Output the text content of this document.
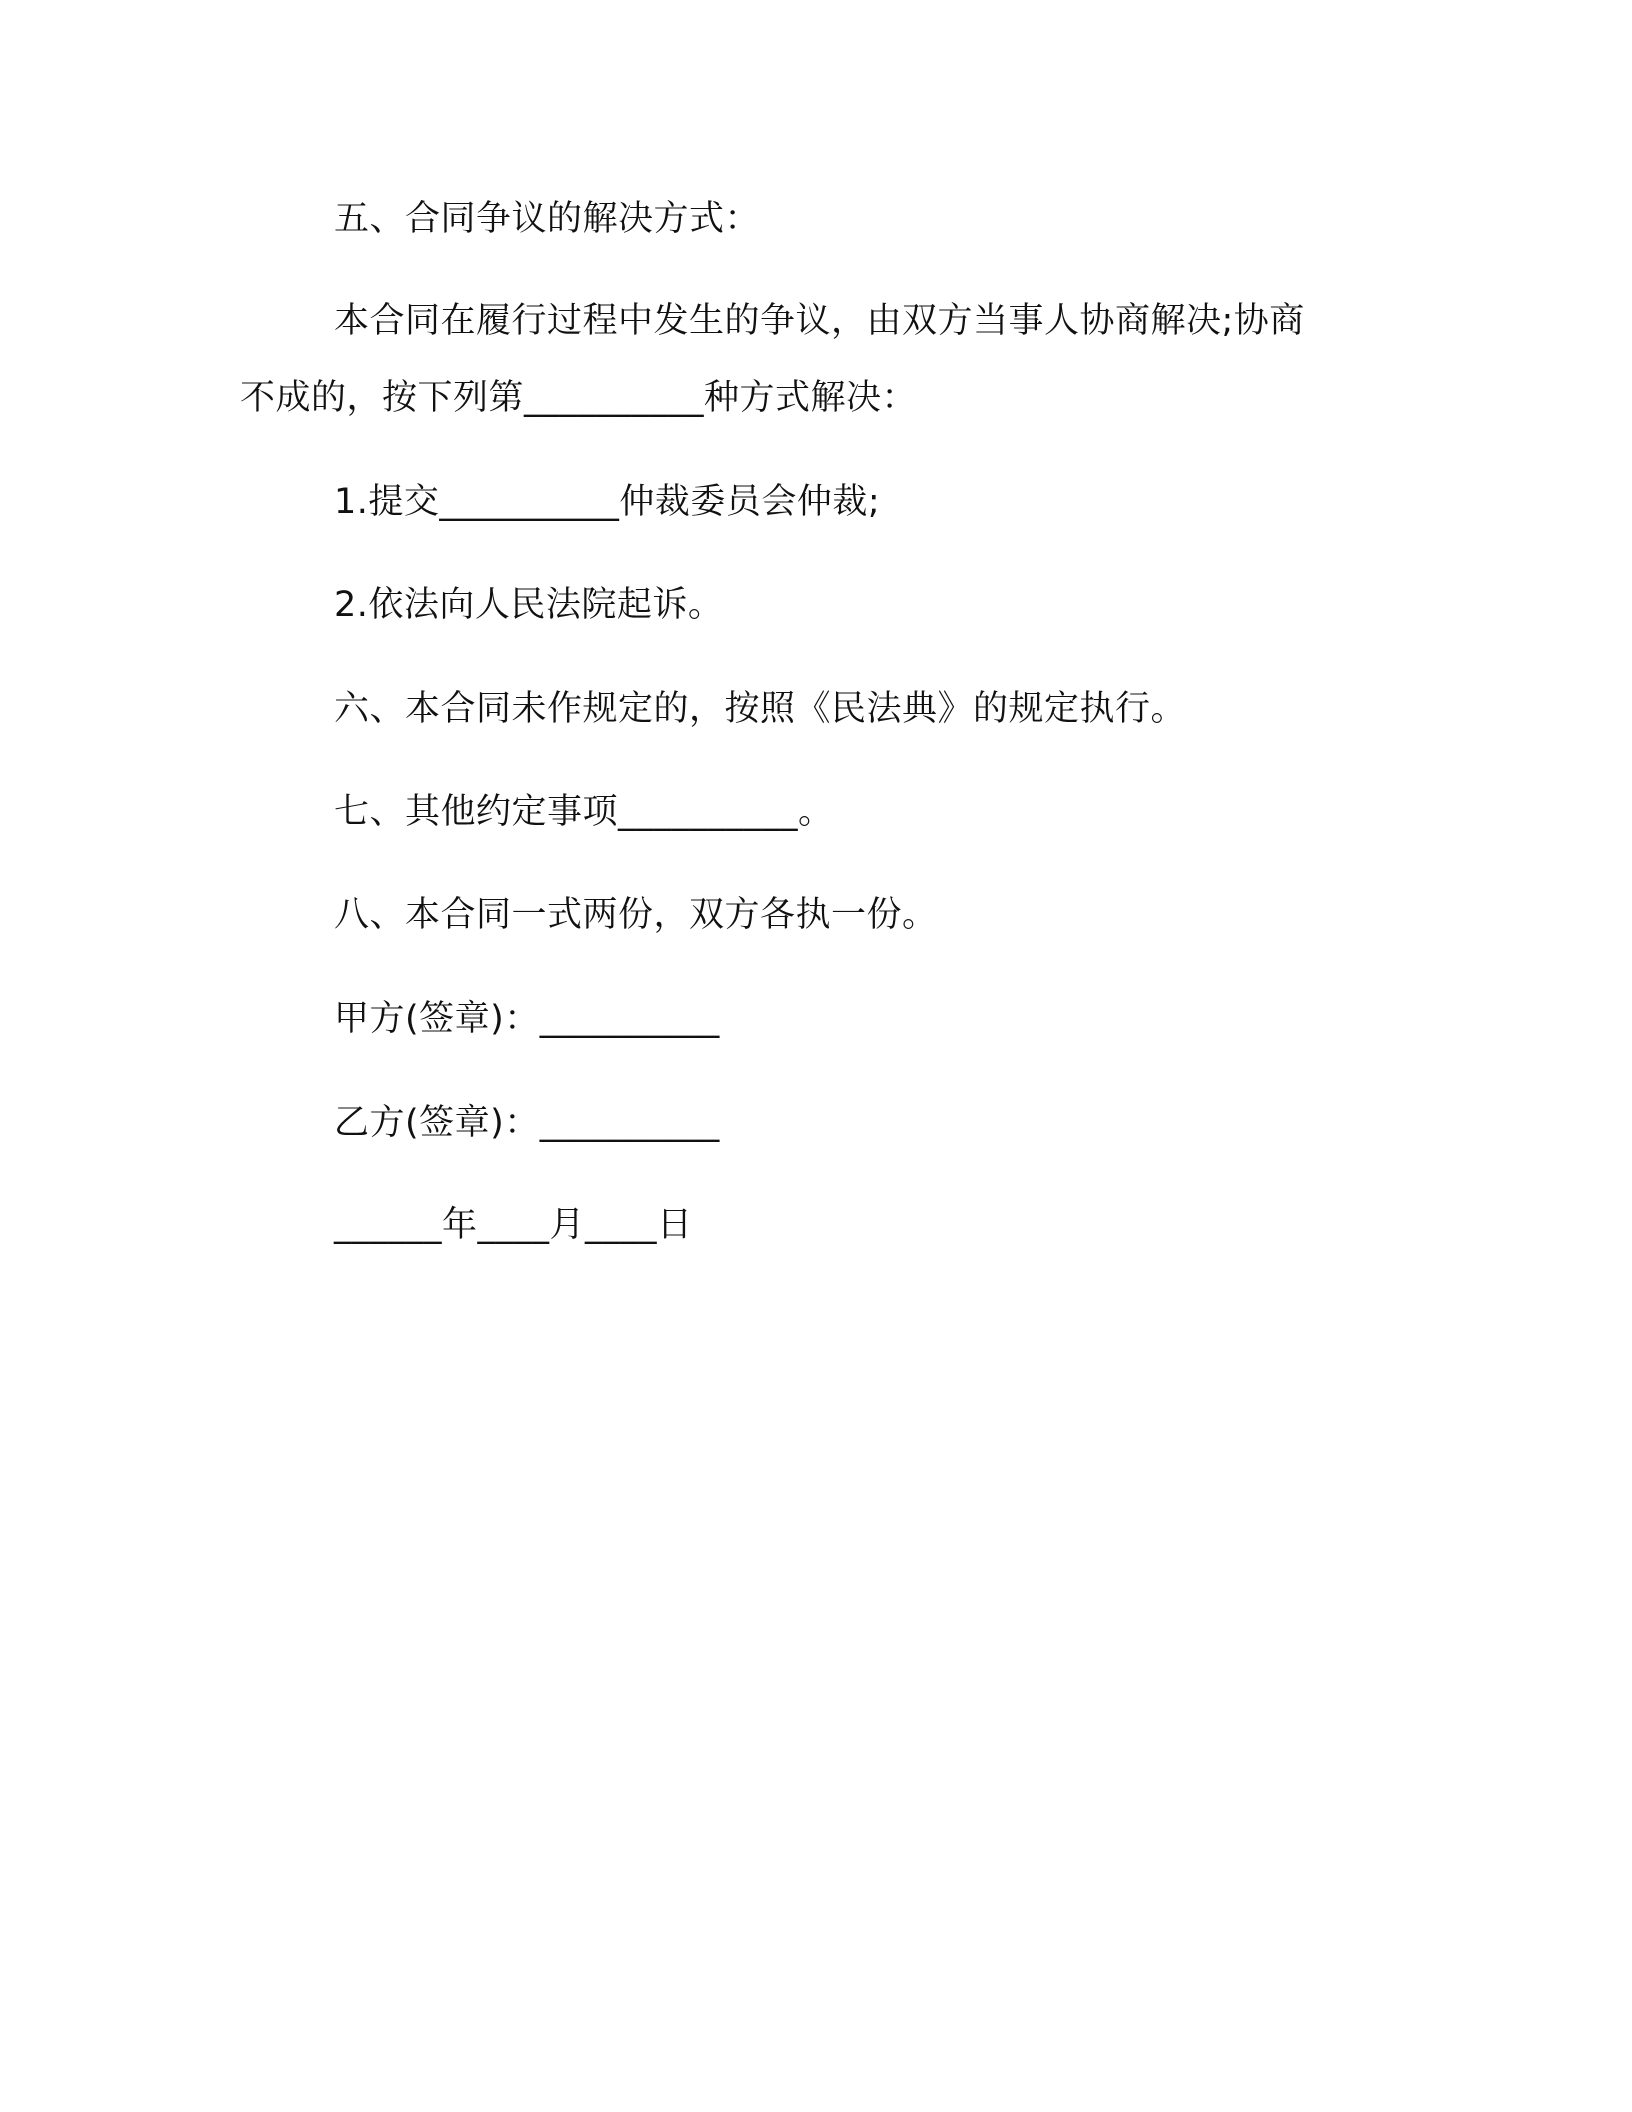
五、合同争议的解决方式：
本合同在履行过程中发生的争议，由双方当事人协商解决;协商
不成的，按下列第__________种方式解决：
1.提交__________仲裁委员会仲裁;
2.依法向人民法院起诉。
六、本合同未作规定的，按照《民法典》的规定执行。
七、其他约定事项__________。
八、本合同一式两份，双方各执一份。
甲方(签章)：__________
乙方(签章)：__________
______年____月____日
